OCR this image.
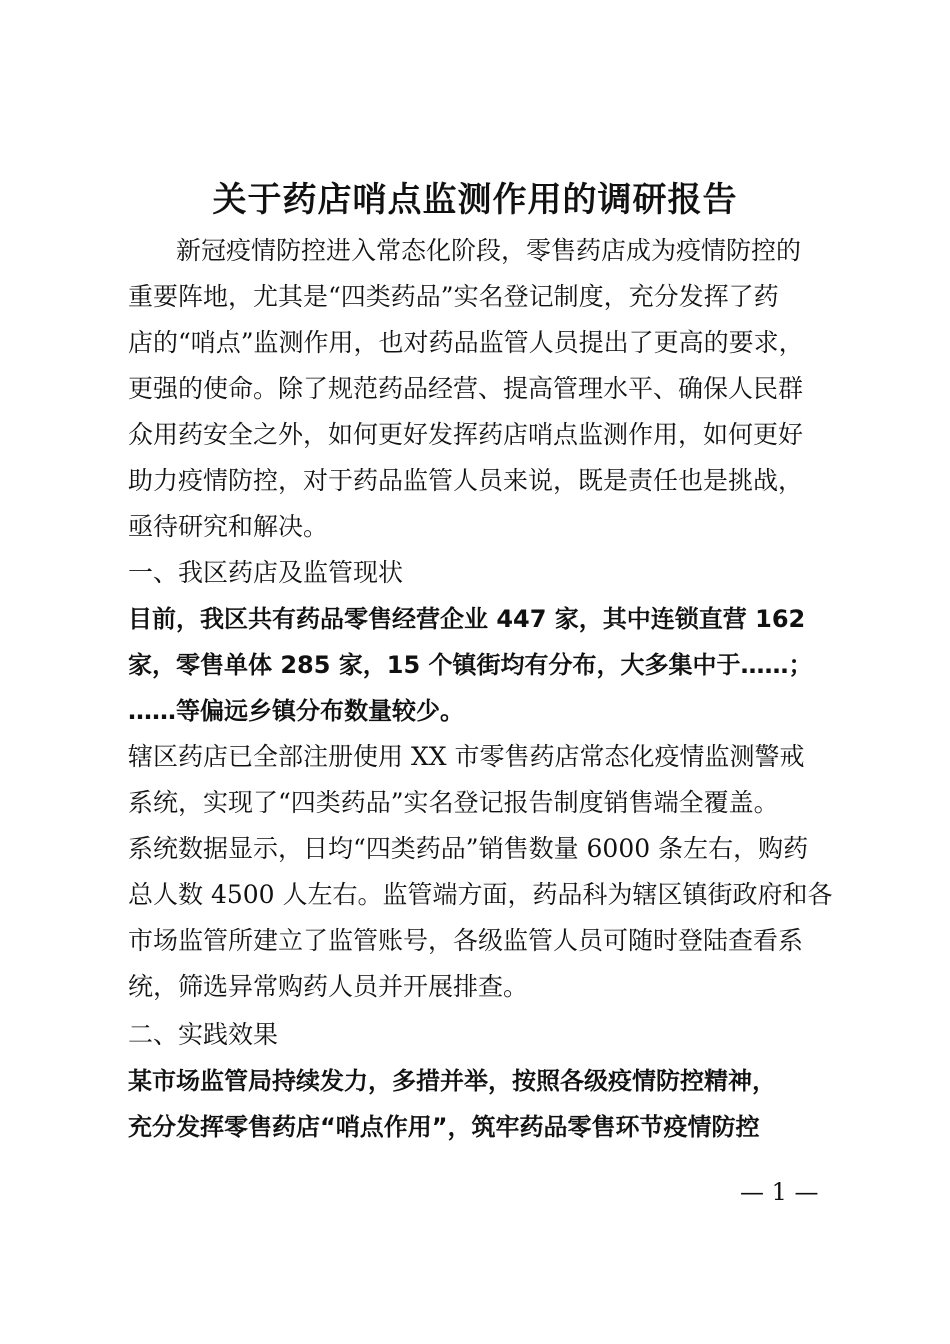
关于药店哨点监测作用的调研报告

新冠疫情防控进入常态化阶段，零售药店成为疫情防控的

重要阵地，尤其是“四类药品”实名登记制度，充分发挥了药

店的“哨点”监测作用，也对药品监管人员提出了更高的要求，

更强的使命。除了规范药品经营、提高管理水平、确保人民群

众用药安全之外，如何更好发挥药店哨点监测作用，如何更好

助力疫情防控，对于药品监管人员来说，既是责任也是挑战，

亟待研究和解决。

一、我区药店及监管现状

目前，我区共有药品零售经营企业 447 家，其中连锁直营 162

家，零售单体 285 家，15 个镇街均有分布，大多集中于……；

……等偏远乡镇分布数量较少。

辖区药店已全部注册使用 XX 市零售药店常态化疫情监测警戒

系统，实现了“四类药品”实名登记报告制度销售端全覆盖。

系统数据显示，日均“四类药品”销售数量 6000 条左右，购药

总人数 4500 人左右。监管端方面，药品科为辖区镇街政府和各

市场监管所建立了监管账号，各级监管人员可随时登陆查看系

统，筛选异常购药人员并开展排查。

二、实践效果

某市场监管局持续发力，多措并举，按照各级疫情防控精神，

充分发挥零售药店“哨点作用”，筑牢药品零售环节疫情防控

— 1 —
